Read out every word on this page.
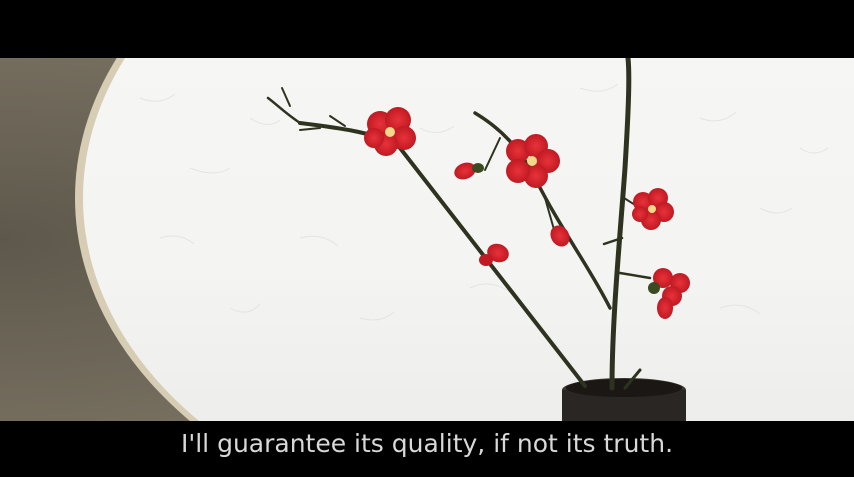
I'll guarantee its quality, if not its truth.
